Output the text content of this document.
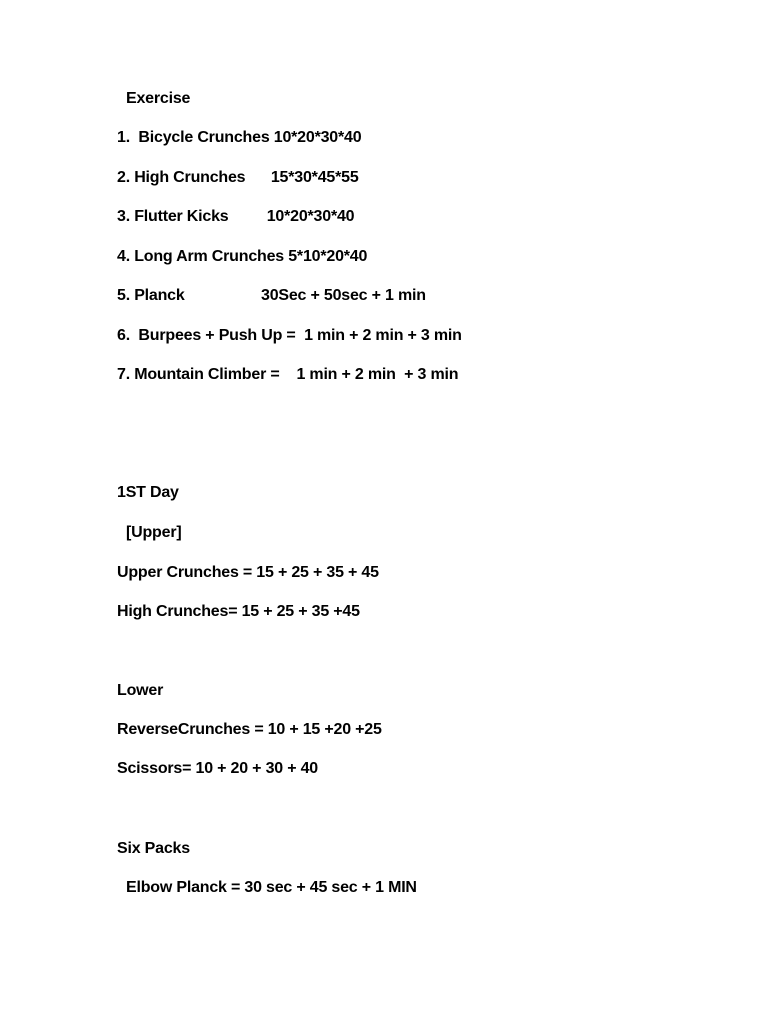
Exercise
1.  Bicycle Crunches 10*20*30*40
2. High Crunches      15*30*45*55
3. Flutter Kicks         10*20*30*40
4. Long Arm Crunches 5*10*20*40
5. Planck                  30Sec + 50sec + 1 min
6.  Burpees + Push Up =  1 min + 2 min + 3 min
7. Mountain Climber =    1 min + 2 min  + 3 min
1ST Day
[Upper]
Upper Crunches = 15 + 25 + 35 + 45
High Crunches= 15 + 25 + 35 +45
Lower
ReverseCrunches = 10 + 15 +20 +25
Scissors= 10 + 20 + 30 + 40
Six Packs
Elbow Planck = 30 sec + 45 sec + 1 MIN
